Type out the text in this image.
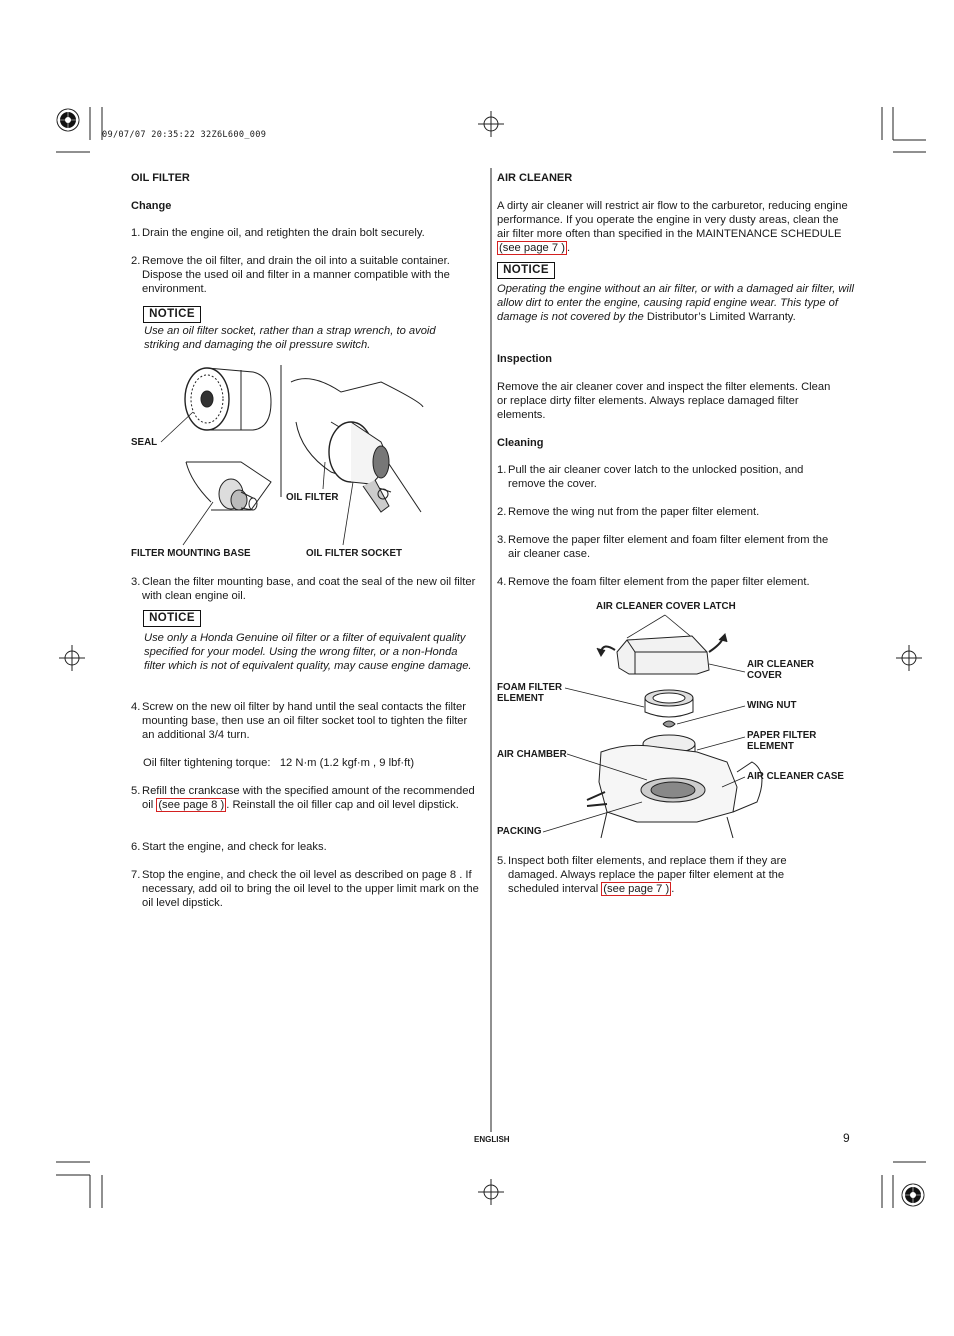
09/07/07 20:35:22 32Z6L600_009
OIL FILTER
Change
1. Drain the engine oil, and retighten the drain bolt securely.
2. Remove the oil filter, and drain the oil into a suitable container. Dispose the used oil and filter in a manner compatible with the environment.
NOTICE
Use an oil filter socket, rather than a strap wrench, to avoid striking and damaging the oil pressure switch.
SEAL
OIL FILTER
FILTER MOUNTING BASE	OIL FILTER SOCKET
3. Clean the filter mounting base, and coat the seal of the new oil filter with clean engine oil.
NOTICE
Use only a Honda Genuine oil filter or a filter of equivalent quality specified for your model. Using the wrong filter, or a non-Honda filter which is not of equivalent quality, may cause engine damage.
4. Screw on the new oil filter by hand until the seal contacts the filter mounting base, then use an oil filter socket tool to tighten the filter an additional 3/4 turn.
Oil filter tightening torque: 12 N·m (1.2 kgf·m , 9 lbf·ft)
5. Refill the crankcase with the specified amount of the recommended oil (see page 8 ) . Reinstall the oil filler cap and oil level dipstick.
6. Start the engine, and check for leaks.
7. Stop the engine, and check the oil level as described on page 8 . If necessary, add oil to bring the oil level to the upper limit mark on the oil level dipstick.
AIR CLEANER
A dirty air cleaner will restrict air flow to the carburetor, reducing engine performance. If you operate the engine in very dusty areas, clean the air filter more often than specified in the MAINTENANCE SCHEDULE (see page 7 ) .
NOTICE
Operating the engine without an air filter, or with a damaged air filter, will allow dirt to enter the engine, causing rapid engine wear. This type of damage is not covered by the Distributor’s Limited Warranty.
Inspection
Remove the air cleaner cover and inspect the filter elements. Clean or replace dirty filter elements. Always replace damaged filter elements.
Cleaning
1. Pull the air cleaner cover latch to the unlocked position, and remove the cover.
2. Remove the wing nut from the paper filter element.
3. Remove the paper filter element and foam filter element from the air cleaner case.
4. Remove the foam filter element from the paper filter element.
AIR CLEANER COVER LATCH
AIR CLEANER
COVER
FOAM FILTER
ELEMENT
WING NUT
PAPER FILTER
ELEMENT
AIR CHAMBER
AIR CLEANER CASE
PACKING
5. Inspect both filter elements, and replace them if they are damaged. Always replace the paper filter element at the scheduled interval (see page 7 ) .
ENGLISH	9
